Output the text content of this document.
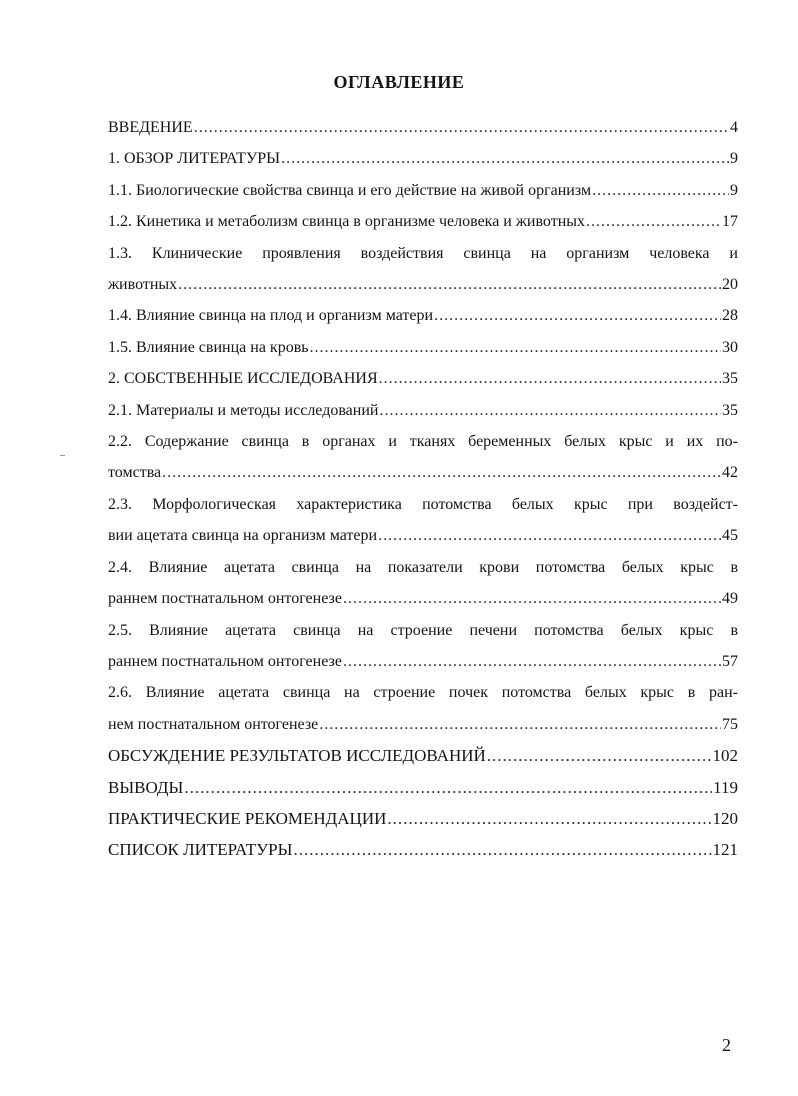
ОГЛАВЛЕНИЕ
ВВЕДЕНИЕ .....	4
1. ОБЗОР ЛИТЕРАТУРЫ .....	9
1.1. Биологические свойства свинца и его действие на живой организм .....	9
1.2. Кинетика и метаболизм свинца в организме человека и животных .....	17
1.3. Клинические проявления воздействия свинца на организм человека и
животных .....	20
1.4. Влияние свинца на плод и организм матери .....	28
1.5. Влияние свинца на кровь .....	30
2. СОБСТВЕННЫЕ ИССЛЕДОВАНИЯ .....	35
2.1. Материалы и методы исследований .....	35
2.2. Содержание свинца в органах и тканях беременных белых крыс и их по-
томства .....	42
2.3. Морфологическая характеристика потомства белых крыс при воздейст-
вии ацетата свинца на организм матери .....	45
2.4. Влияние ацетата свинца на показатели крови потомства белых крыс в
раннем постнатальном онтогенезе .....	49
2.5. Влияние ацетата свинца на строение печени потомства белых крыс в
раннем постнатальном онтогенезе .....	57
2.6. Влияние ацетата свинца на строение почек потомства белых крыс в ран-
нем постнатальном онтогенезе .....	75
ОБСУЖДЕНИЕ РЕЗУЛЬТАТОВ ИССЛЕДОВАНИЙ .....	102
ВЫВОДЫ .....	119
ПРАКТИЧЕСКИЕ РЕКОМЕНДАЦИИ .....	120
СПИСОК ЛИТЕРАТУРЫ .....	121
2
